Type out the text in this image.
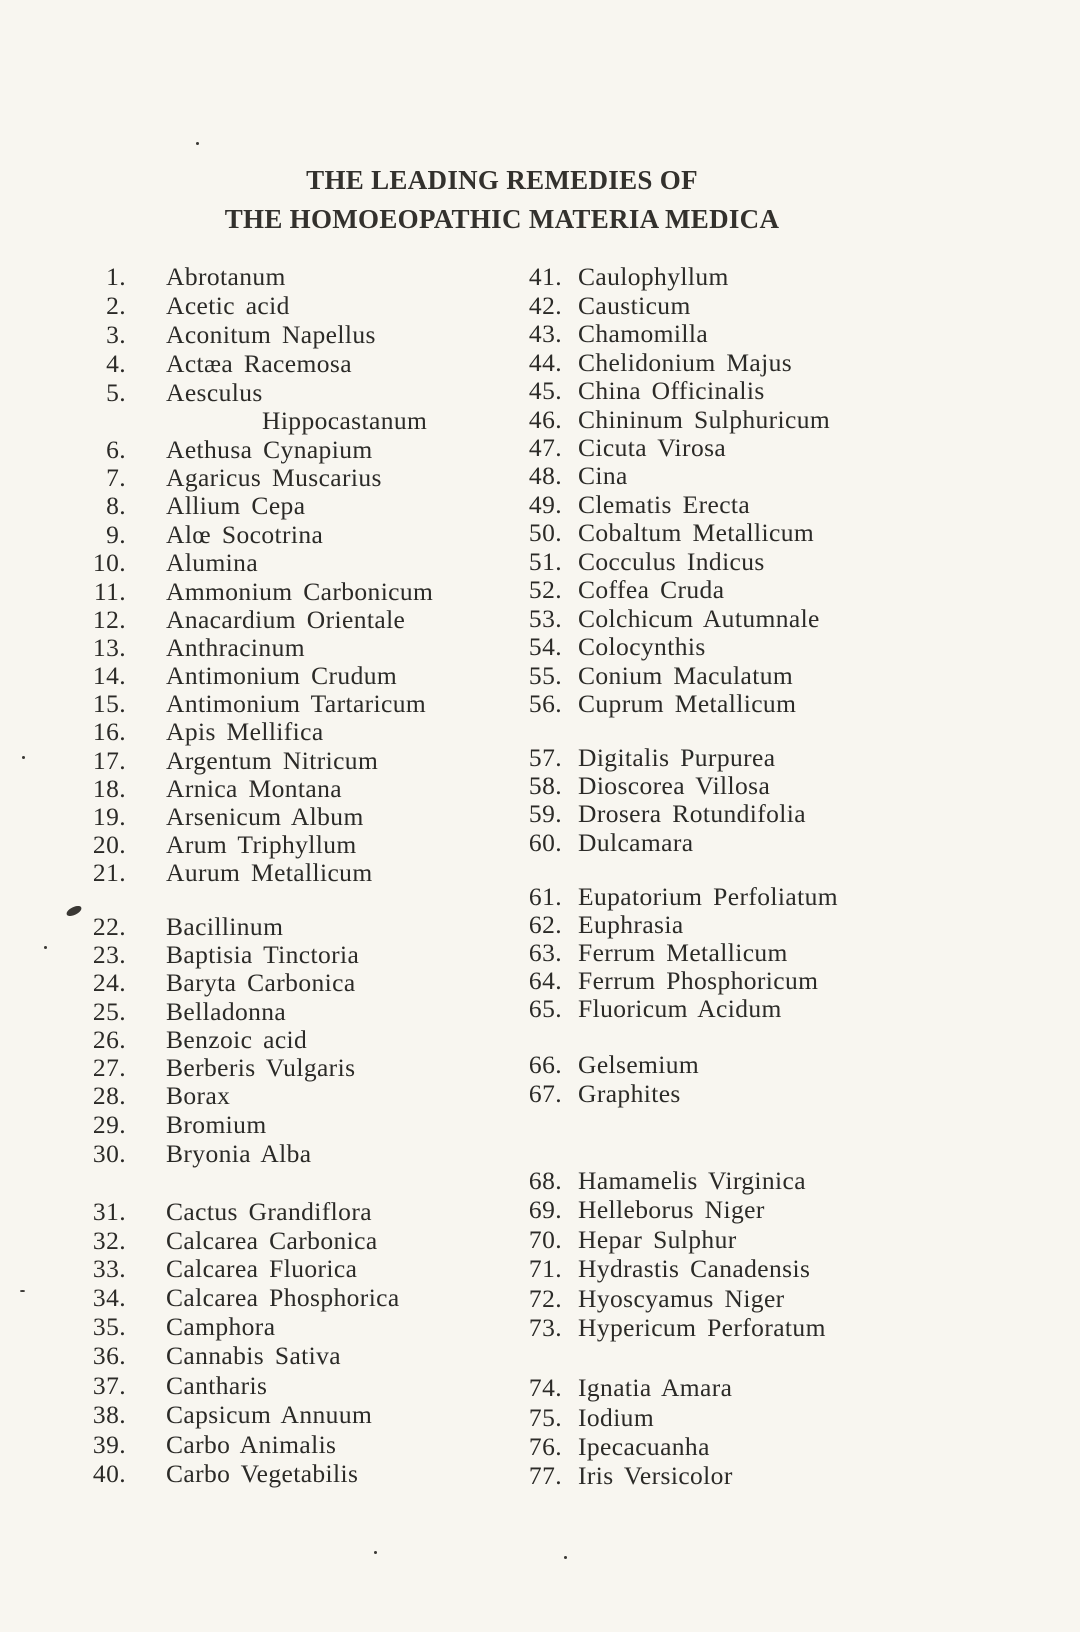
THE LEADING REMEDIES OF
THE HOMOEOPATHIC MATERIA MEDICA
1. Abrotanum
2. Acetic acid
3. Aconitum Napellus
4. Actæa Racemosa
5. Aesculus
Hippocastanum
6. Aethusa Cynapium
7. Agaricus Muscarius
8. Allium Cepa
9. Alœ Socotrina
10. Alumina
11. Ammonium Carbonicum
12. Anacardium Orientale
13. Anthracinum
14. Antimonium Crudum
15. Antimonium Tartaricum
16. Apis Mellifica
17. Argentum Nitricum
18. Arnica Montana
19. Arsenicum Album
20. Arum Triphyllum
21. Aurum Metallicum
22. Bacillinum
23. Baptisia Tinctoria
24. Baryta Carbonica
25. Belladonna
26. Benzoic acid
27. Berberis Vulgaris
28. Borax
29. Bromium
30. Bryonia Alba
31. Cactus Grandiflora
32. Calcarea Carbonica
33. Calcarea Fluorica
34. Calcarea Phosphorica
35. Camphora
36. Cannabis Sativa
37. Cantharis
38. Capsicum Annuum
39. Carbo Animalis
40. Carbo Vegetabilis
41. Caulophyllum
42. Causticum
43. Chamomilla
44. Chelidonium Majus
45. China Officinalis
46. Chininum Sulphuricum
47. Cicuta Virosa
48. Cina
49. Clematis Erecta
50. Cobaltum Metallicum
51. Cocculus Indicus
52. Coffea Cruda
53. Colchicum Autumnale
54. Colocynthis
55. Conium Maculatum
56. Cuprum Metallicum
57. Digitalis Purpurea
58. Dioscorea Villosa
59. Drosera Rotundifolia
60. Dulcamara
61. Eupatorium Perfoliatum
62. Euphrasia
63. Ferrum Metallicum
64. Ferrum Phosphoricum
65. Fluoricum Acidum
66. Gelsemium
67. Graphites
68. Hamamelis Virginica
69. Helleborus Niger
70. Hepar Sulphur
71. Hydrastis Canadensis
72. Hyoscyamus Niger
73. Hypericum Perforatum
74. Ignatia Amara
75. Iodium
76. Ipecacuanha
77. Iris Versicolor
